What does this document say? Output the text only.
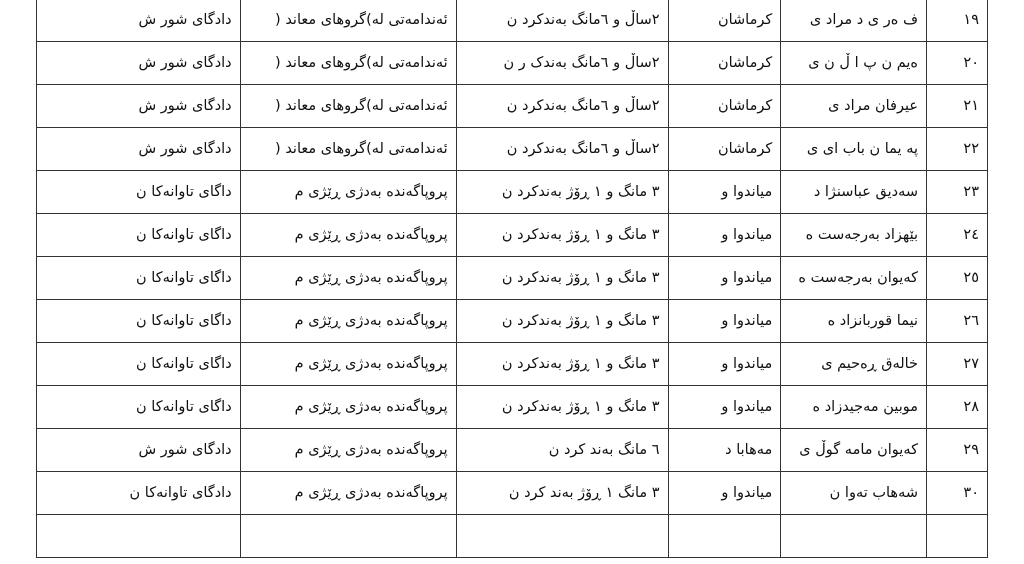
١٩	ف ەر ی د مراد ی	کرماشان	٢ساڵ و ٦مانگ بەندکرد ن	ئەندامەتی لە)گروهای معاند (	دادگای شور ش
٢٠	ەیم ن پ ا ڵ ن ی	کرماشان	٢ساڵ و ٦مانگ بەندک ر ن	ئەندامەتی لە)گروهای معاند (	دادگای شور ش
٢١	عیرفان مراد ی	کرماشان	٢ساڵ و ٦مانگ بەندکرد ن	ئەندامەتی لە)گروهای معاند (	دادگای شور ش
٢٢	پە یما ن باب ای ی	کرماشان	٢ساڵ و ٦مانگ بەندکرد ن	ئەندامەتی لە)گروهای معاند (	دادگای شور ش
٢٣	سەدیق عباسنژا د	میاندوا و	٣ مانگ و ١ ڕۆژ بەندکرد ن	پروپاگەندە بەدژی ڕێژی م	داگای تاوانەکا ن
٢٤	بێهزاد بەرجەست ە	میاندوا و	٣ مانگ و ١ ڕۆژ بەندکرد ن	پروپاگەندە بەدژی ڕێژی م	داگای تاوانەکا ن
٢٥	کەیوان بەرجەست ە	میاندوا و	٣ مانگ و ١ ڕۆژ بەندکرد ن	پروپاگەندە بەدژی ڕێژی م	داگای تاوانەکا ن
٢٦	نیما قوربانزاد ە	میاندوا و	٣ مانگ و ١ ڕۆژ بەندکرد ن	پروپاگەندە بەدژی ڕێژی م	داگای تاوانەکا ن
٢٧	خالەق ڕەحیم ی	میاندوا و	٣ مانگ و ١ ڕۆژ بەندکرد ن	پروپاگەندە بەدژی ڕێژی م	داگای تاوانەکا ن
٢٨	موبین مەجیدزاد ە	میاندوا و	٣ مانگ و ١ ڕۆژ بەندکرد ن	پروپاگەندە بەدژی ڕێژی م	داگای تاوانەکا ن
٢٩	کەیوان مامە گوڵ ی	مەهابا د	٦ مانگ بەند کرد ن	پروپاگەندە بەدژی ڕێژی م	دادگای شور ش
٣٠	شەهاب تەوا ن	میاندوا و	٣ مانگ ١ ڕۆژ بەند کرد ن	پروپاگەندە بەدژی ڕێژی م	دادگای تاوانەکا ن
